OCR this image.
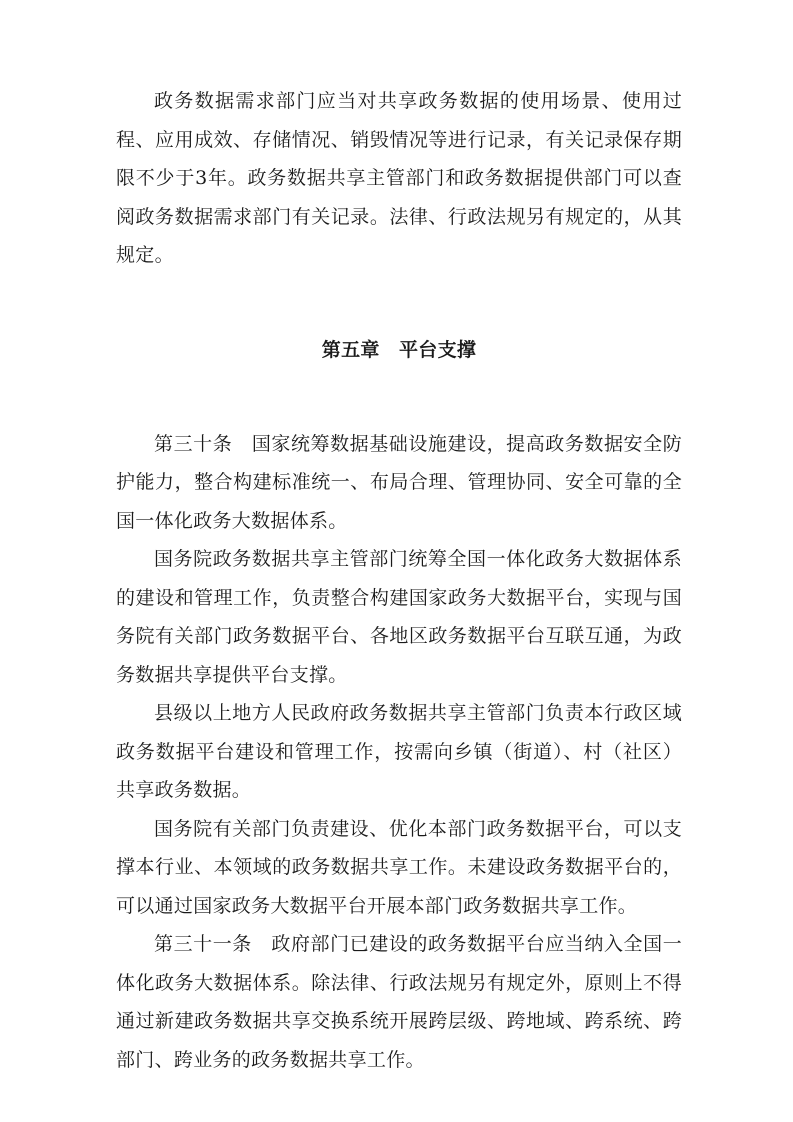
政务数据需求部门应当对共享政务数据的使用场景、使用过程、应用成效、存储情况、销毁情况等进行记录，有关记录保存期限不少于3年。政务数据共享主管部门和政务数据提供部门可以查阅政务数据需求部门有关记录。法律、行政法规另有规定的，从其规定。

第五章　平台支撑

第三十条　国家统筹数据基础设施建设，提高政务数据安全防护能力，整合构建标准统一、布局合理、管理协同、安全可靠的全国一体化政务大数据体系。

国务院政务数据共享主管部门统筹全国一体化政务大数据体系的建设和管理工作，负责整合构建国家政务大数据平台，实现与国务院有关部门政务数据平台、各地区政务数据平台互联互通，为政务数据共享提供平台支撑。

县级以上地方人民政府政务数据共享主管部门负责本行政区域政务数据平台建设和管理工作，按需向乡镇（街道）、村（社区）共享政务数据。

国务院有关部门负责建设、优化本部门政务数据平台，可以支撑本行业、本领域的政务数据共享工作。未建设政务数据平台的，可以通过国家政务大数据平台开展本部门政务数据共享工作。

第三十一条　政府部门已建设的政务数据平台应当纳入全国一体化政务大数据体系。除法律、行政法规另有规定外，原则上不得通过新建政务数据共享交换系统开展跨层级、跨地域、跨系统、跨部门、跨业务的政务数据共享工作。
